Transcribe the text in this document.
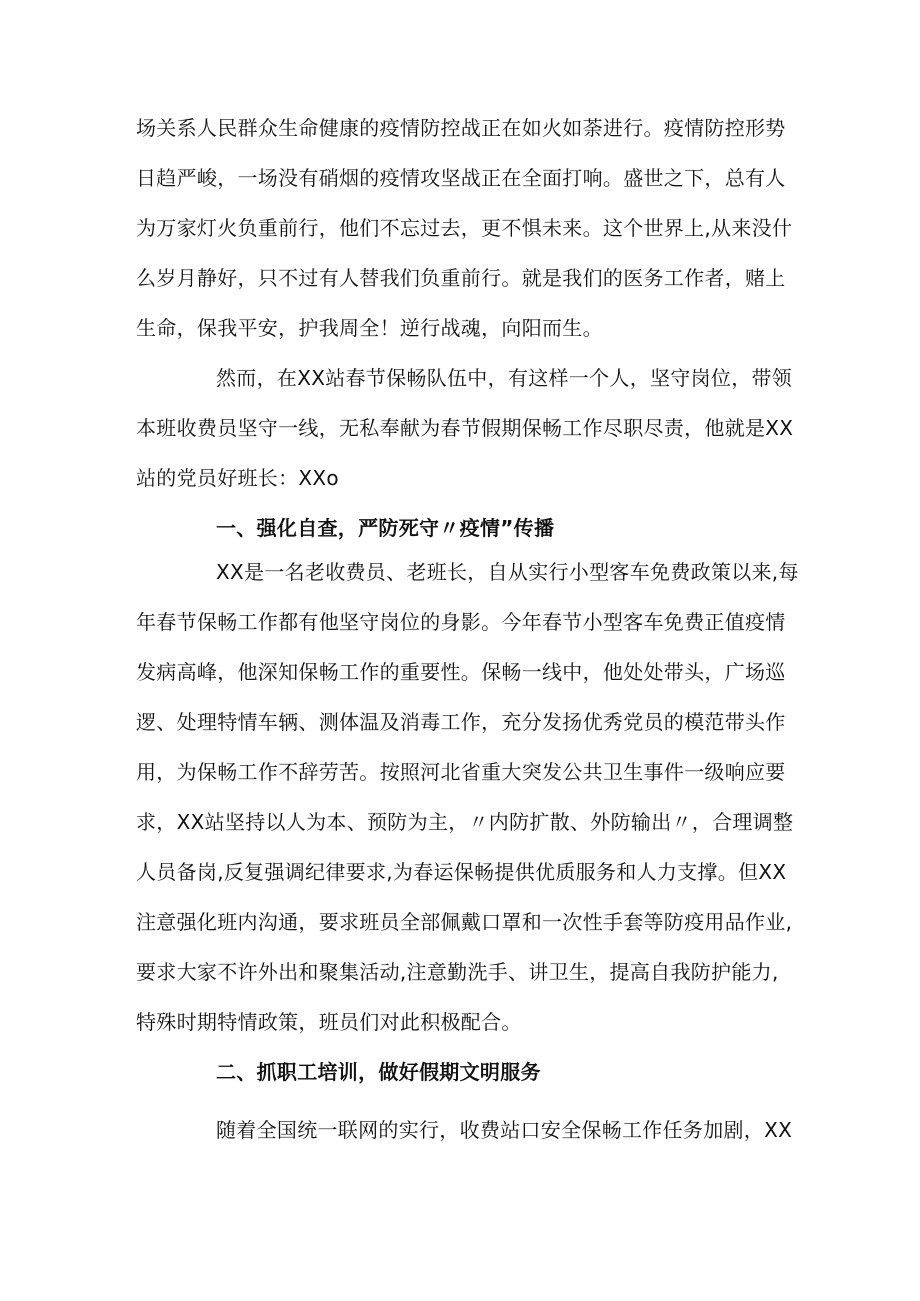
场关系人民群众生命健康的疫情防控战正在如火如荼进行。疫情防控形势
日趋严峻，一场没有硝烟的疫情攻坚战正在全面打响。盛世之下，总有人
为万家灯火负重前行，他们不忘过去，更不惧未来。这个世界上,从来没什
么岁月静好，只不过有人替我们负重前行。就是我们的医务工作者，赌上
生命，保我平安，护我周全！逆行战魂，向阳而生。
然而，在XX站春节保畅队伍中，有这样一个人，坚守岗位，带领
本班收费员坚守一线，无私奉献为春节假期保畅工作尽职尽责，他就是XX
站的党员好班长：XXo
一、强化自查，严防死守〃疫情”传播
XX是一名老收费员、老班长，自从实行小型客车免费政策以来,每
年春节保畅工作都有他坚守岗位的身影。今年春节小型客车免费正值疫情
发病高峰，他深知保畅工作的重要性。保畅一线中，他处处带头，广场巡
逻、处理特情车辆、测体温及消毒工作，充分发扬优秀党员的模范带头作
用，为保畅工作不辞劳苦。按照河北省重大突发公共卫生事件一级响应要
求，XX站坚持以人为本、预防为主，〃内防扩散、外防输出〃，合理调整
人员备岗,反复强调纪律要求,为春运保畅提供优质服务和人力支撑。但XX
注意强化班内沟通，要求班员全部佩戴口罩和一次性手套等防疫用品作业,
要求大家不许外出和聚集活动,注意勤洗手、讲卫生，提高自我防护能力,
特殊时期特情政策，班员们对此积极配合。
二、抓职工培训，做好假期文明服务
随着全国统一联网的实行，收费站口安全保畅工作任务加剧，XX
